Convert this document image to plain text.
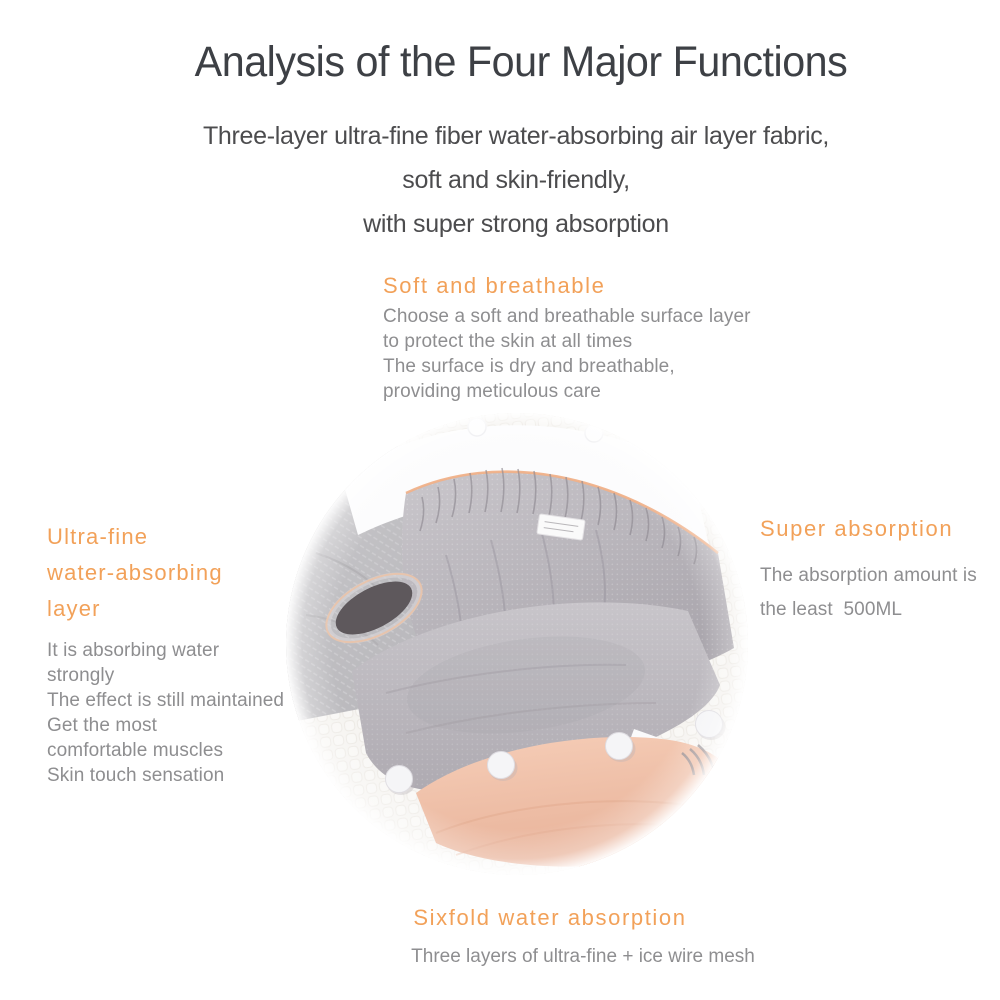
Analysis of the Four Major Functions
Three-layer ultra-fine fiber water-absorbing air layer fabric,
soft and skin-friendly,
with super strong absorption
Soft and breathable

Choose a soft and breathable surface layer
to protect the skin at all times
The surface is dry and breathable,
providing meticulous care

Ultra-fine
water-absorbing
layer

It is absorbing water
strongly
The effect is still maintained
Get the most
comfortable muscles
Skin touch sensation

Super absorption

The absorption amount is
the least  500ML

Sixfold water absorption
Three layers of ultra-fine + ice wire mesh
